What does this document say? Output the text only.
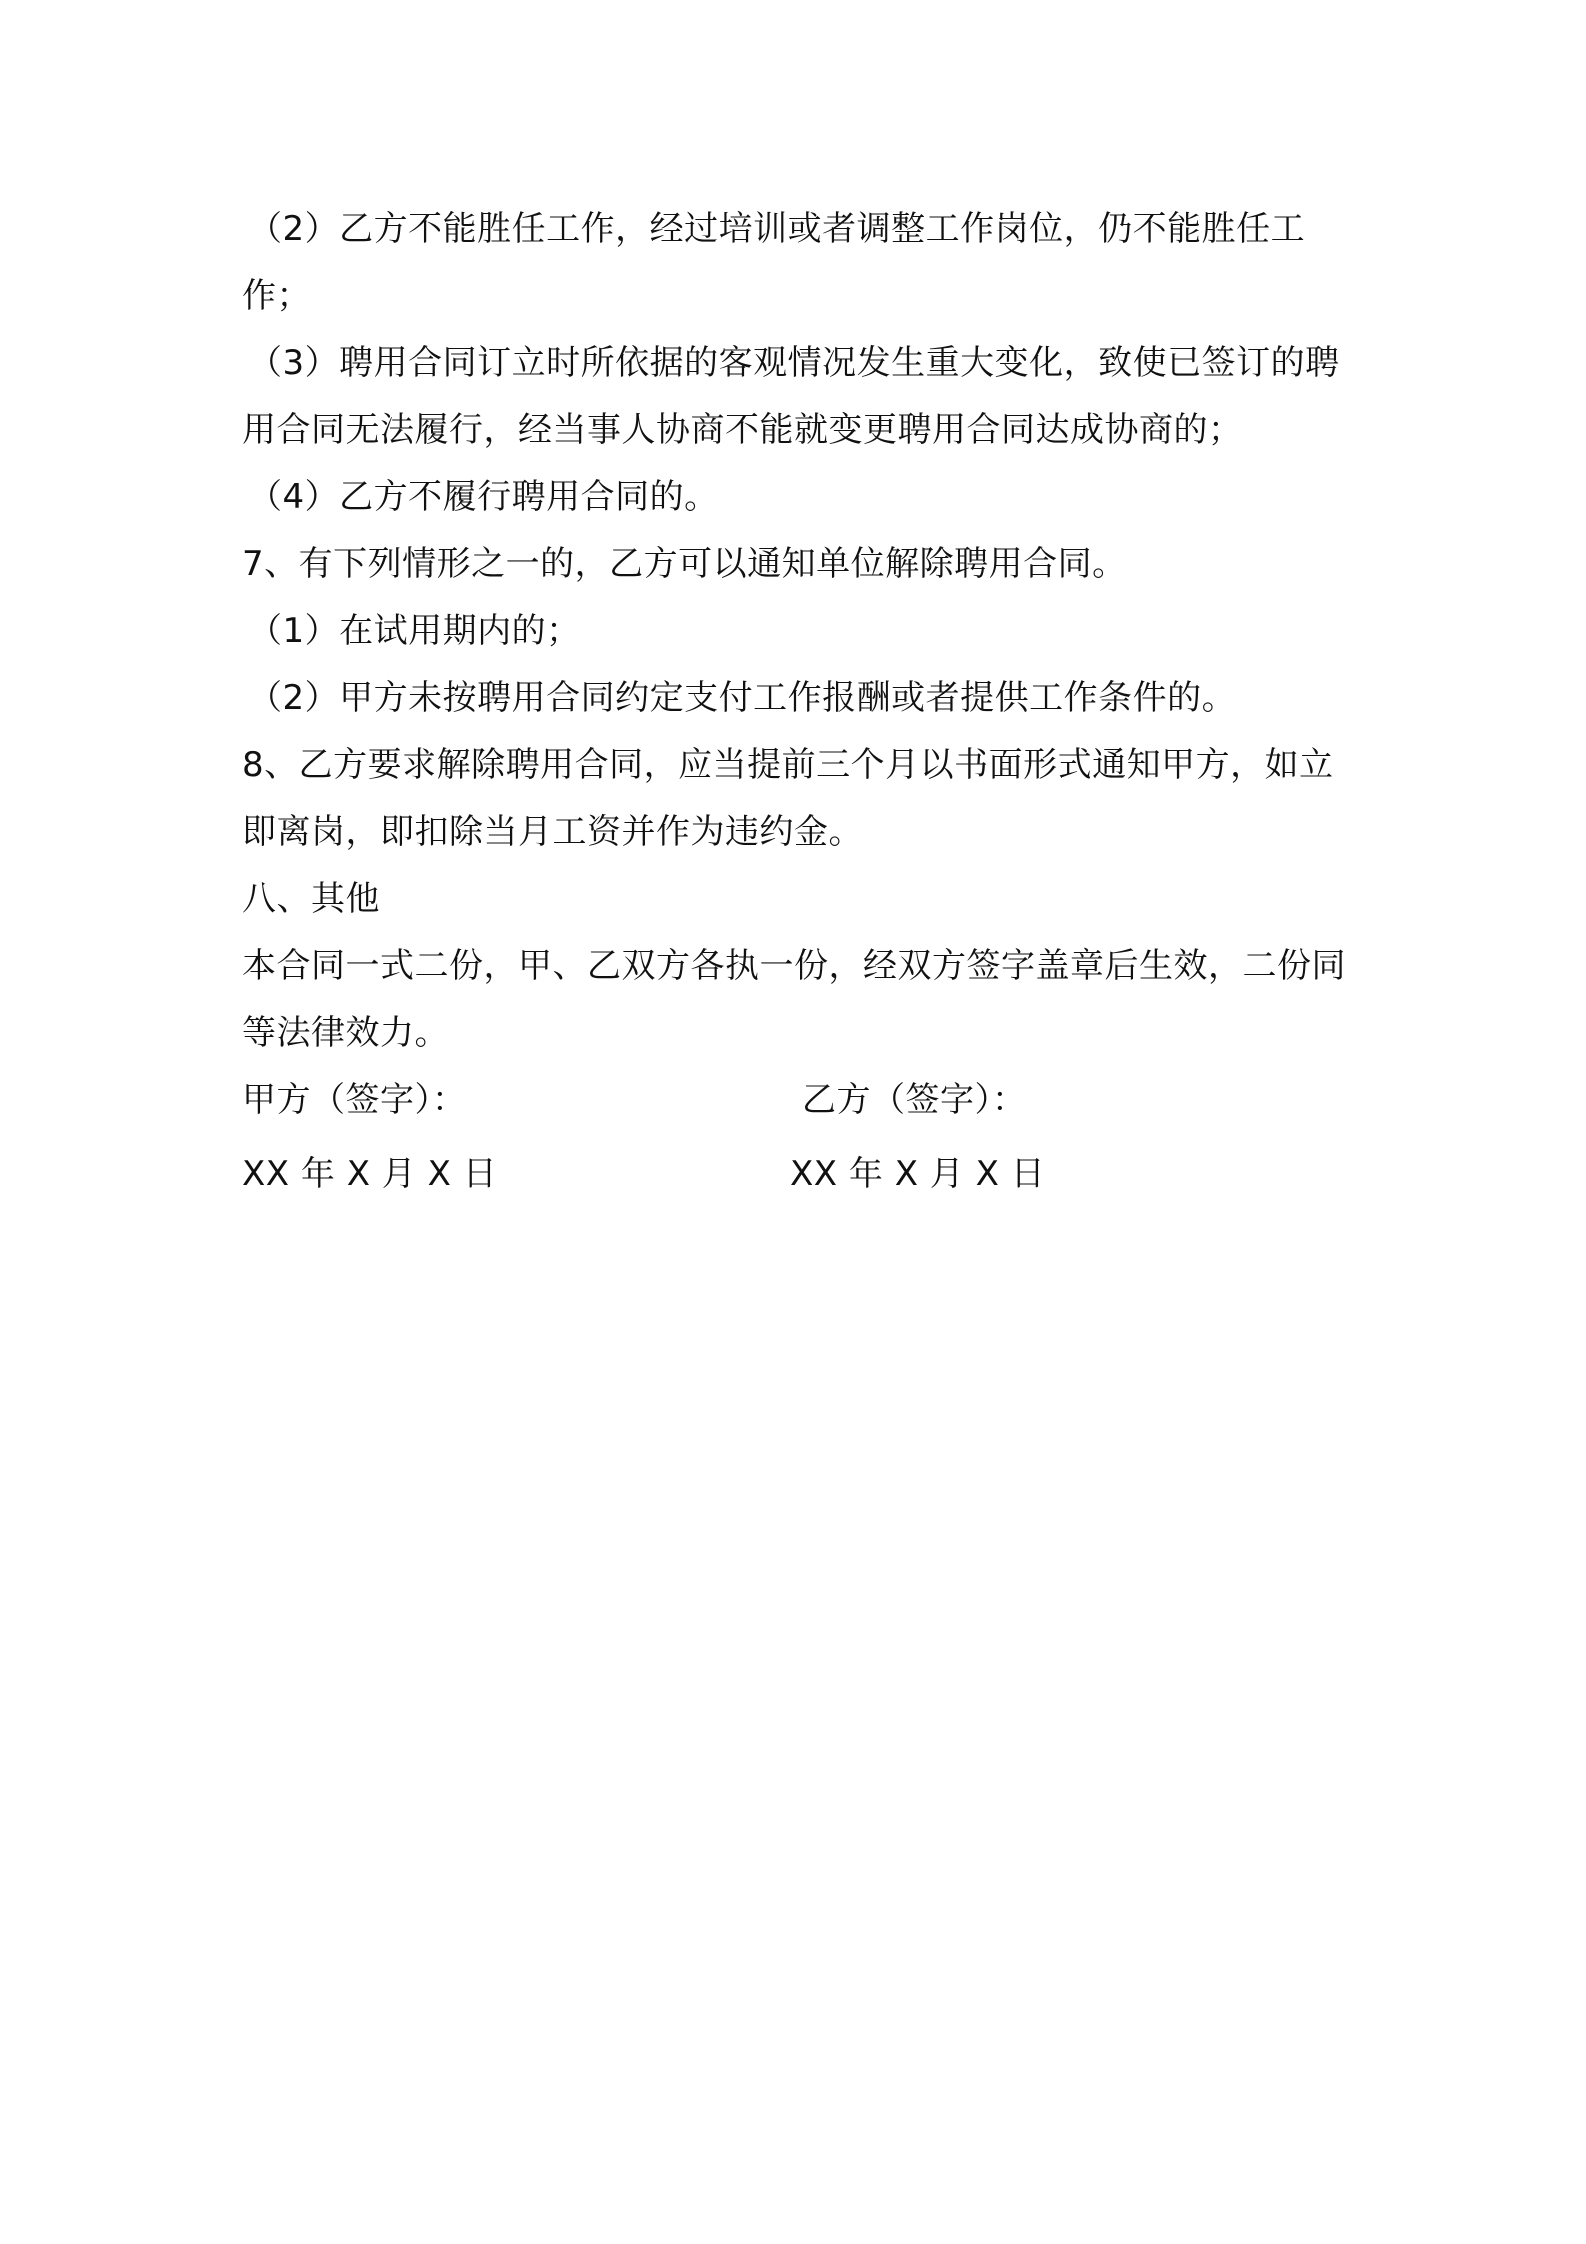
（2）乙方不能胜任工作，经过培训或者调整工作岗位，仍不能胜任工作；

（3）聘用合同订立时所依据的客观情况发生重大变化，致使已签订的聘用合同无法履行，经当事人协商不能就变更聘用合同达成协商的；

（4）乙方不履行聘用合同的。

7、有下列情形之一的，乙方可以通知单位解除聘用合同。

（1）在试用期内的；

（2）甲方未按聘用合同约定支付工作报酬或者提供工作条件的。

8、乙方要求解除聘用合同，应当提前三个月以书面形式通知甲方，如立即离岗，即扣除当月工资并作为违约金。

八、其他

本合同一式二份，甲、乙双方各执一份，经双方签字盖章后生效，二份同等法律效力。

甲方（签字）：	乙方（签字）：
XX 年 X 月 X 日	XX 年 X 月 X 日
